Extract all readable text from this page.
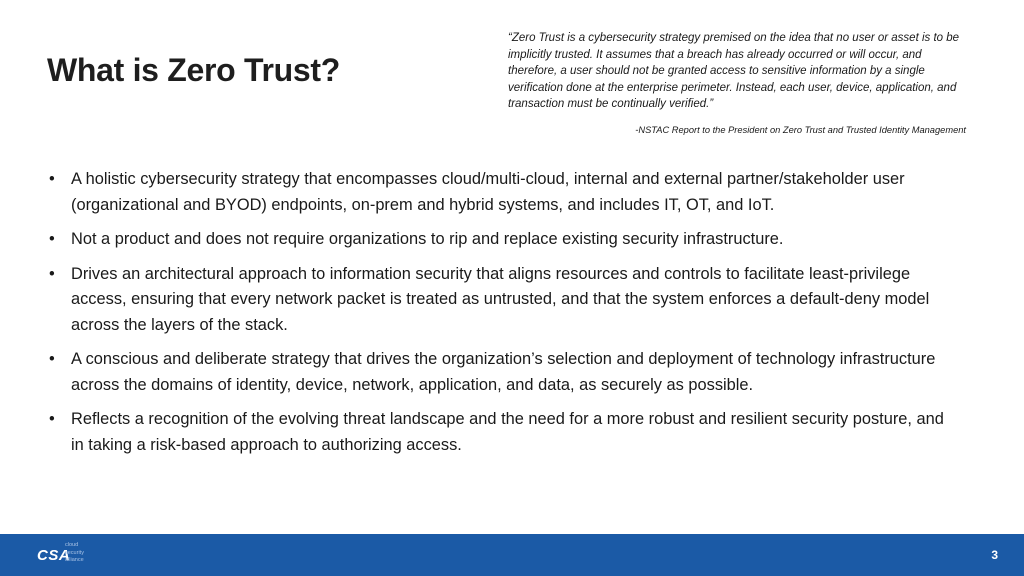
What is Zero Trust?

“Zero Trust is a cybersecurity strategy premised on the idea that no user or asset is to be implicitly trusted. It assumes that a breach has already occurred or will occur, and therefore, a user should not be granted access to sensitive information by a single verification done at the enterprise perimeter. Instead, each user, device, application, and transaction must be continually verified.”

-NSTAC Report to the President on Zero Trust and Trusted Identity Management
• A holistic cybersecurity strategy that encompasses cloud/multi-cloud, internal and external partner/stakeholder user (organizational and BYOD) endpoints, on-prem and hybrid systems, and includes IT, OT, and IoT.
• Not a product and does not require organizations to rip and replace existing security infrastructure.
• Drives an architectural approach to information security that aligns resources and controls to facilitate least-privilege access, ensuring that every network packet is treated as untrusted, and that the system enforces a default-deny model across the layers of the stack.
• A conscious and deliberate strategy that drives the organization’s selection and deployment of technology infrastructure across the domains of identity, device, network, application, and data, as securely as possible.
• Reflects a recognition of the evolving threat landscape and the need for a more robust and resilient security posture, and in taking a risk-based approach to authorizing access.
CSA
cloud
security
alliance	3
